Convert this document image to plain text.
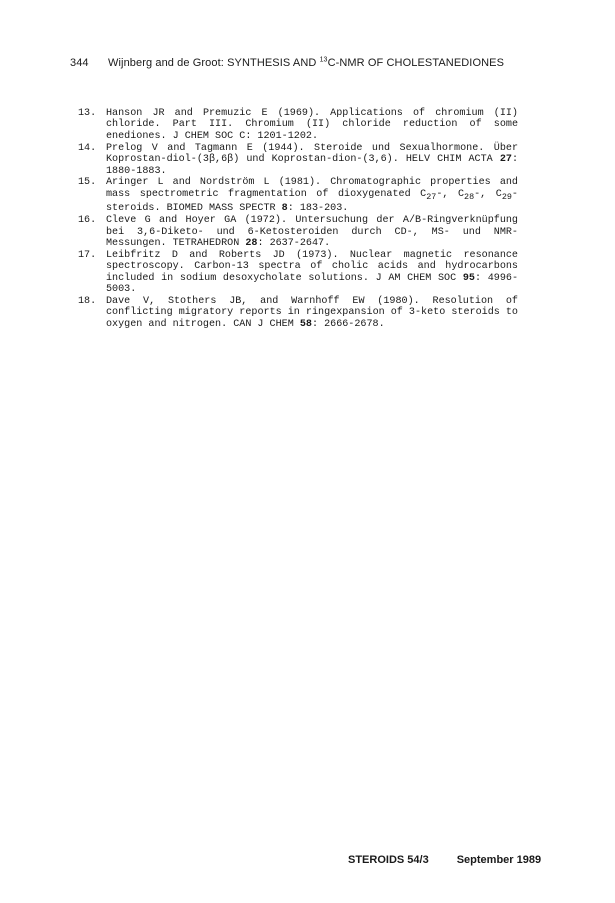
344 Wijnberg and de Groot: SYNTHESIS AND $^{13}$C-NMR OF CHOLESTANEDIONES
13. Hanson JR and Premuzic E (1969). Applications of chromium (II) chloride. Part III. Chromium (II) chloride reduction of some enediones. J CHEM SOC C: 1201-1202.
14. Prelog V and Tagmann E (1944). Steroide und Sexualhormone. Über Koprostan-diol-(3β,6β) und Koprostan-dion-(3,6). HELV CHIM ACTA 27: 1880-1883.
15. Aringer L and Nordström L (1981). Chromatographic properties and mass spectrometric fragmentation of dioxygenated $C_{27}-$, $C_{28}-$, $C_{29}$-steroids. BIOMED MASS SPECTR 8: 183-203.
16. Cleve G and Hoyer GA (1972). Untersuchung der A/B-Ringverknüpfung bei 3,6-Diketo- und 6-Ketosteroiden durch CD-, MS- und NMR-Messungen. TETRAHEDRON 28: 2637-2647.
17. Leibfritz D and Roberts JD (1973). Nuclear magnetic resonance spectroscopy. Carbon-13 spectra of cholic acids and hydrocarbons included in sodium desoxycholate solutions. J AM CHEM SOC 95: 4996-5003.
18. Dave V, Stothers JB, and Warnhoff EW (1980). Resolution of conflicting migratory reports in ringexpansion of 3-keto steroids to oxygen and nitrogen. CAN J CHEM 58: 2666-2678.
STEROIDS 54/3	September 1989
